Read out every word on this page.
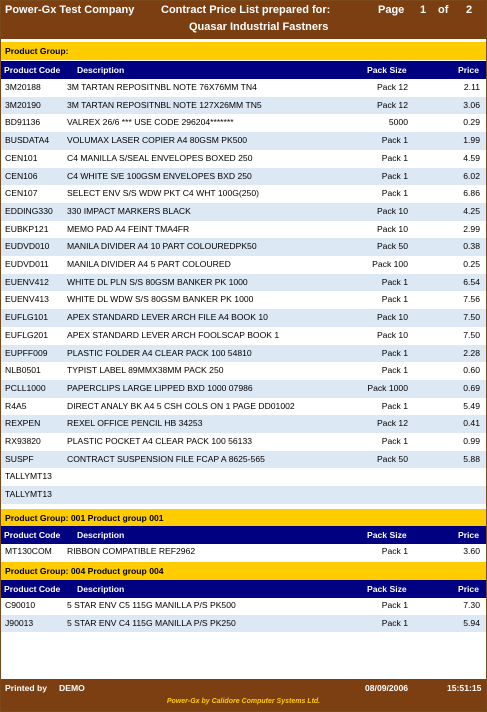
Power-Gx Test Company Contract Price List prepared for:
Quasar Industrial Fastners
Page 1 of 2
Product Group:
Product Code Description	Pack Size	Price
3M20188	3M TARTAN REPOSITNBL NOTE 76X76MM TN4	Pack 12	2.11
3M20190	3M TARTAN REPOSITNBL NOTE 127X26MM TN5	Pack 12	3.06
BD91136	VALREX 26/6 *** USE CODE 296204*******	5000	0.29
BUSDATA4 VOLUMAX LASER COPIER A4 80GSM PK500	Pack 1	1.99
CEN101	C4 MANILLA S/SEAL ENVELOPES BOXED 250	Pack 1	4.59
CEN106	C4 WHITE S/E 100GSM ENVELOPES BXD 250	Pack 1	6.02
CEN107	SELECT ENV S/S WDW PKT C4 WHT 100G(250)	Pack 1	6.86
EDDING330 330 IMPACT MARKERS BLACK	Pack 10	4.25
EUBKP121 MEMO PAD A4 FEINT TMA4FR	Pack 10	2.99
EUDVD010 MANILA DIVIDER A4 10 PART COLOUREDPK50	Pack 50	0.38
EUDVD011 MANILA DIVIDER A4 5 PART COLOURED	Pack 100	0.25
EUENV412 WHITE DL PLN S/S 80GSM BANKER PK 1000	Pack 1	6.54
EUENV413 WHITE DL WDW S/S 80GSM BANKER PK 1000	Pack 1	7.56
EUFLG101 APEX STANDARD LEVER ARCH FILE A4 BOOK 10	Pack 10	7.50
EUFLG201 APEX STANDARD LEVER ARCH FOOLSCAP BOOK 1	Pack 10	7.50
EUPFF009 PLASTIC FOLDER A4 CLEAR PACK 100 54810	Pack 1	2.28
NLB0501	TYPIST LABEL 89MMX38MM PACK 250	Pack 1	0.60
PCLL1000 PAPERCLIPS LARGE LIPPED BXD 1000 07986	Pack 1000	0.69
R4A5	DIRECT ANALY BK A4 5 CSH COLS ON 1 PAGE DD01002	Pack 1	5.49
REXPEN	REXEL OFFICE PENCIL HB 34253	Pack 12	0.41
RX93820	PLASTIC POCKET A4 CLEAR PACK 100 56133	Pack 1	0.99
SUSPF	CONTRACT SUSPENSION FILE FCAP A 8625-565	Pack 50	5.88
TALLYMT13
TALLYMT13
Product Group: 001 Product group 001
Product Code Description	Pack Size	Price
MT130COM RIBBON COMPATIBLE REF2962	Pack 1	3.60
Product Group: 004 Product group 004
Product Code Description	Pack Size	Price
C90010	5 STAR ENV C5 115G MANILLA P/S PK500	Pack 1	7.30
J90013	5 STAR ENV C4 115G MANILLA P/S PK250	Pack 1	5.94
Printed by DEMO	08/09/2006	15:51:15
Power-Gx by Calidore Computer Systems Ltd.
